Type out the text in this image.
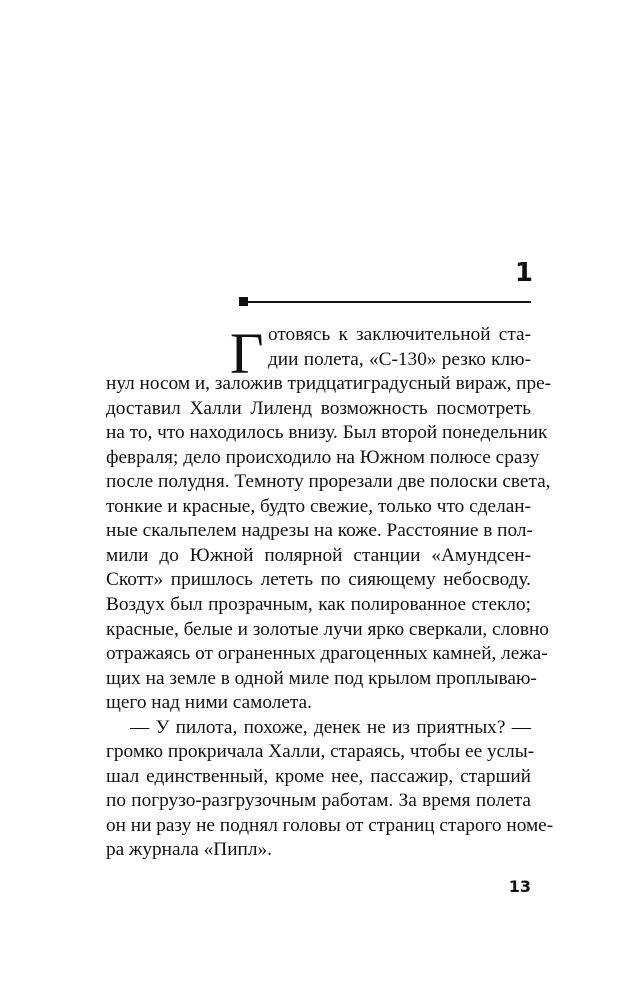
1
Г отовясь к заключительной ста-
дии полета, «С-130» резко клю-
нул носом и, заложив тридцатиградусный вираж, пре-
доставил Халли Лиленд возможность посмотреть
на то, что находилось внизу. Был второй понедельник
февраля; дело происходило на Южном полюсе сразу
после полудня. Темноту прорезали две полоски света,
тонкие и красные, будто свежие, только что сделан-
ные скальпелем надрезы на коже. Расстояние в пол-
мили до Южной полярной станции «Амундсен-
Скотт» пришлось лететь по сияющему небосводу.
Воздух был прозрачным, как полированное стекло;
красные, белые и золотые лучи ярко сверкали, словно
отражаясь от ограненных драгоценных камней, лежа-
щих на земле в одной миле под крылом проплываю-
щего над ними самолета.
— У пилота, похоже, денек не из приятных? —
громко прокричала Халли, стараясь, чтобы ее услы-
шал единственный, кроме нее, пассажир, старший
по погрузо-разгрузочным работам. За время полета
он ни разу не поднял головы от страниц старого номе-
ра журнала «Пипл».
13
